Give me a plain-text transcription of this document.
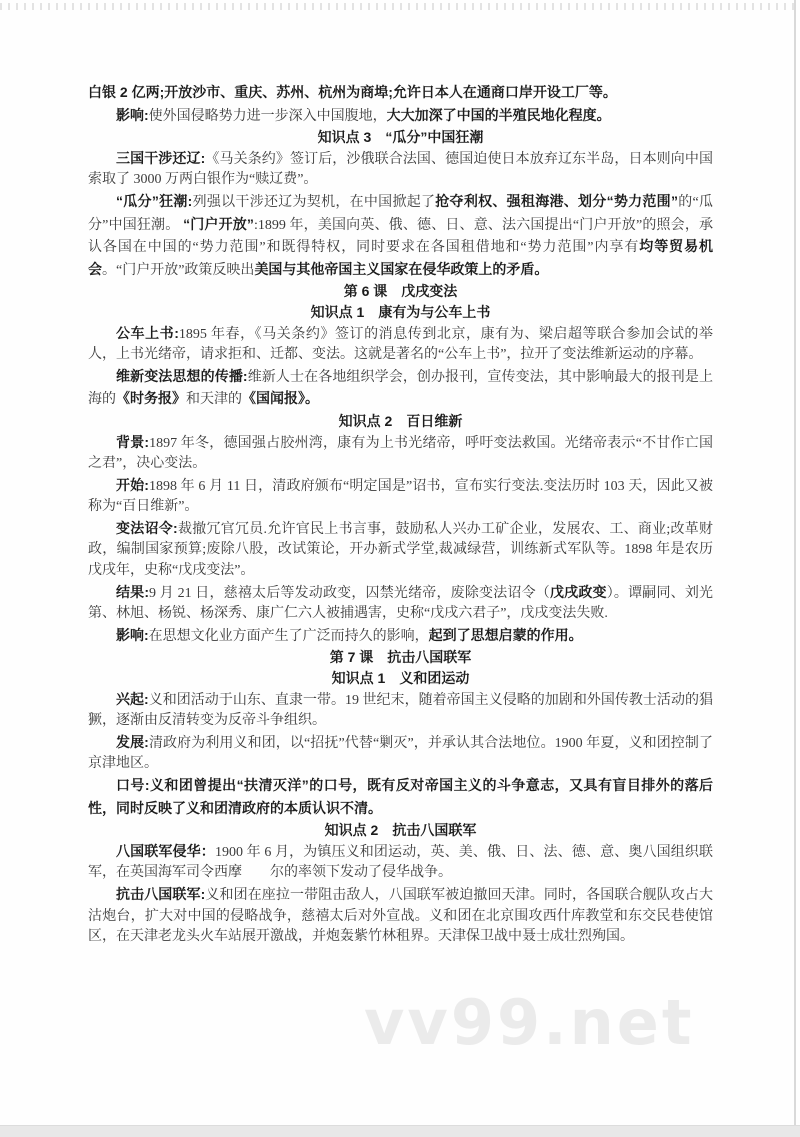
白银 2 亿两;开放沙市、重庆、苏州、杭州为商埠;允许日本人在通商口岸开设工厂等。

影响:使外国侵略势力进一步深入中国腹地，大大加深了中国的半殖民地化程度。

知识点 3　“瓜分”中国狂潮

三国干涉还辽:《马关条约》签订后，沙俄联合法国、德国迫使日本放弃辽东半岛，日本则向中国索取了 3000 万两白银作为“赎辽费”。

“瓜分”狂潮:列强以干涉还辽为契机，在中国掀起了抢夺利权、强租海港、划分“势力范围”的“瓜分”中国狂潮。 “门户开放”:1899 年，美国向英、俄、德、日、意、法六国提出“门户开放”的照会，承认各国在中国的“势力范围”和既得特权，同时要求在各国租借地和“势力范围”内享有均等贸易机会。“门户开放”政策反映出美国与其他帝国主义国家在侵华政策上的矛盾。

第 6 课　戊戌变法
知识点 1　康有为与公车上书

公车上书:1895 年春，《马关条约》签订的消息传到北京，康有为、梁启超等联合参加会试的举人，上书光绪帝，请求拒和、迁都、变法。这就是著名的“公车上书”，拉开了变法维新运动的序幕。

维新变法思想的传播:维新人士在各地组织学会，创办报刊，宣传变法，其中影响最大的报刊是上海的《时务报》和天津的《国闻报》。

知识点 2　百日维新

背景:1897 年冬，德国强占胶州湾，康有为上书光绪帝，呼吁变法救国。光绪帝表示“不甘作亡国之君”，决心变法。

开始:1898 年 6 月 11 日，清政府颁布“明定国是”诏书，宣布实行变法.变法历时 103 天，因此又被称为“百日维新”。

变法诏令:裁撤冗官冗员.允许官民上书言事，鼓励私人兴办工矿企业，发展农、工、商业;改革财政，编制国家预算;废除八股，改试策论，开办新式学堂,裁减绿营，训练新式军队等。1898 年是农历戊戌年，史称“戊戌变法”。

结果:9 月 21 日，慈禧太后等发动政变，囚禁光绪帝，废除变法诏令（戊戌政变）。谭嗣同、刘光第、林旭、杨锐、杨深秀、康广仁六人被捕遇害，史称“戊戌六君子”，戊戌变法失败.

影响:在思想文化业方面产生了广泛而持久的影响，起到了思想启蒙的作用。

第 7 课　抗击八国联军
知识点 1　义和团运动

兴起:义和团活动于山东、直隶一带。19 世纪末，随着帝国主义侵略的加剧和外国传教士活动的猖獗，逐渐由反清转变为反帝斗争组织。

发展:清政府为利用义和团，以“招抚”代替“剿灭”，并承认其合法地位。1900 年夏，义和团控制了京津地区。

口号:义和团曾提出“扶清灭洋”的口号，既有反对帝国主义的斗争意志，又具有盲目排外的落后性，同时反映了义和团清政府的本质认识不清。

知识点 2　抗击八国联军

八国联军侵华：1900 年 6 月，为镇压义和团运动，英、美、俄、日、法、德、意、奥八国组织联军，在英国海军司令西摩　　尔的率领下发动了侵华战争。

抗击八国联军:义和团在座拉一带阻击敌人，八国联军被迫撤回天津。同时，各国联合舰队攻占大沽炮台，扩大对中国的侵略战争，慈禧太后对外宣战。义和团在北京围攻西什库教堂和东交民巷使馆区，在天津老龙头火车站展开激战，并炮轰紫竹林租界。天津保卫战中聂士成壮烈殉国。

vv99.net
